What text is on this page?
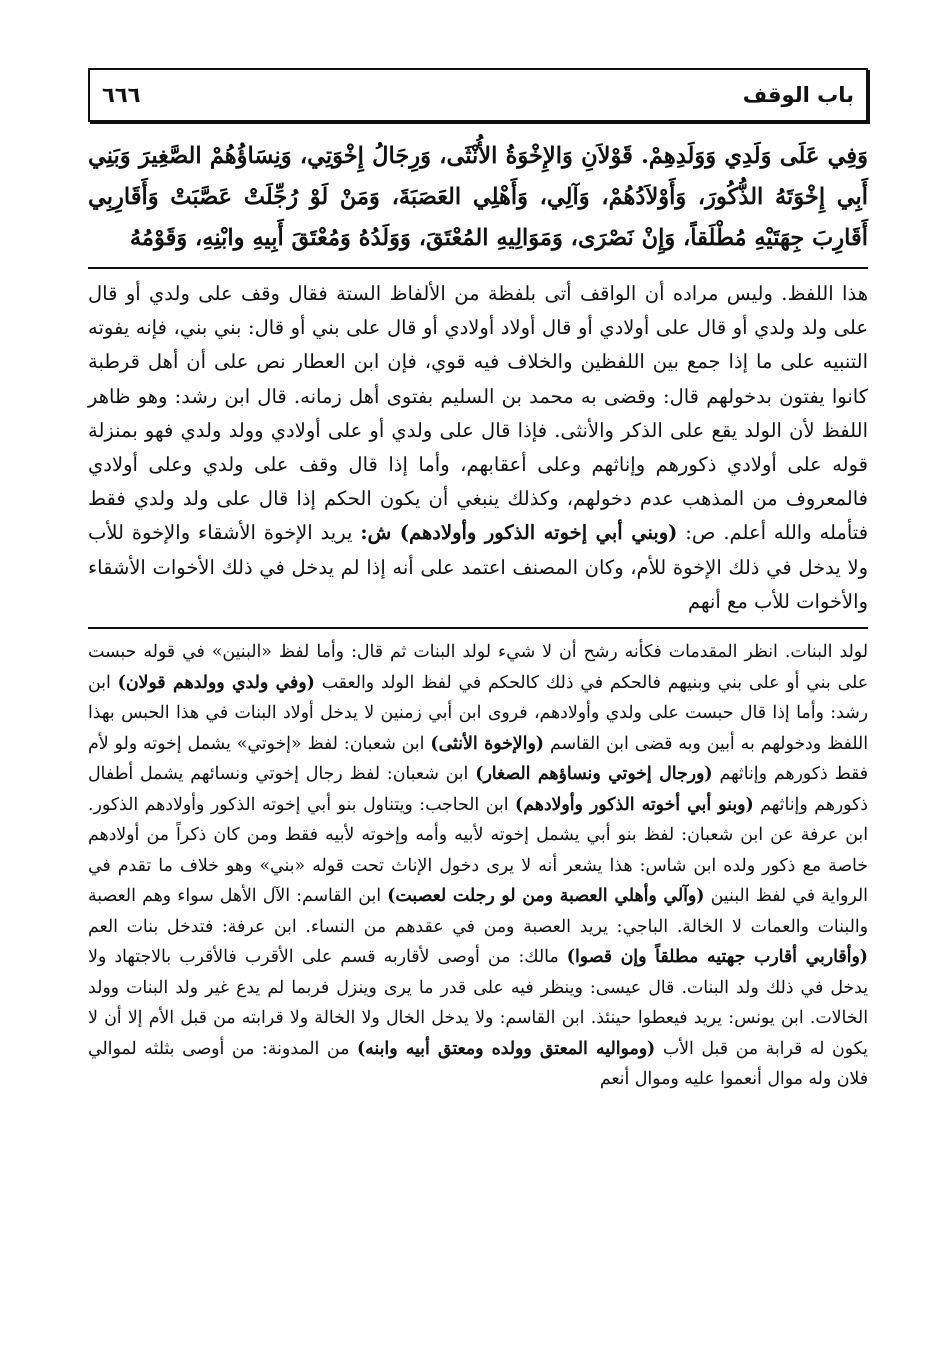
باب الوقف
٦٦٦
وَفِي عَلَى وَلَدِي وَوَلَدِهِمْ. قَوْلاَنِ وَالإِخْوَةُ الأُنْثَى، وَرِجَالُ إِخْوَتِي، وَنِسَاؤُهُمْ الصَّغِيرَ وَبَنِي أَبِي إِخْوَتَهُ الذُّكُورَ، وَأَوْلاَدُهُمْ، وَآلِي، وَأَهْلِي العَصَبَةَ، وَمَنْ لَوْ رُجِّلَتْ عَصَّبَتْ وَأَقَارِبِي أَقَارِبَ جِهَتَيْهِ مُطْلَقاً، وَإِنْ نَصْرَى، وَمَوَالِيهِ المُعْتَقَ، وَوَلَدُهُ وَمُعْتَقَ أَبِيهِ وابْنِهِ، وَقَوْمُهُ

هذا اللفظ. وليس مراده أن الواقف أتى بلفظة من الألفاظ الستة فقال وقف على ولدي أو قال على ولد ولدي أو قال على أولادي أو قال أولاد أولادي أو قال على بني أو قال: بني بني، فإنه يفوته التنبيه على ما إذا جمع بين اللفظين والخلاف فيه قوي، فإن ابن العطار نص على أن أهل قرطبة كانوا يفتون بدخولهم قال: وقضى به محمد بن السليم بفتوى أهل زمانه. قال ابن رشد: وهو ظاهر اللفظ لأن الولد يقع على الذكر والأنثى. فإذا قال على ولدي أو على أولادي وولد ولدي فهو بمنزلة قوله على أولادي ذكورهم وإناثهم وعلى أعقابهم، وأما إذا قال وقف على ولدي وعلى أولادي فالمعروف من المذهب عدم دخولهم، وكذلك ينبغي أن يكون الحكم إذا قال على ولد ولدي فقط فتأمله والله أعلم. ص: (وبني أبي إخوته الذكور وأولادهم) ش: يريد الإخوة الأشقاء والإخوة للأب ولا يدخل في ذلك الإخوة للأم، وكان المصنف اعتمد على أنه إذا لم يدخل في ذلك الأخوات الأشقاء والأخوات للأب مع أنهم

لولد البنات. انظر المقدمات فكأنه رشح أن لا شيء لولد البنات ثم قال: وأما لفظ «البنين» في قوله حبست على بني أو على بني وبنيهم فالحكم في ذلك كالحكم في لفظ الولد والعقب (وفي ولدي وولدهم قولان) ابن رشد: وأما إذا قال حبست على ولدي وأولادهم، فروى ابن أبي زمنين لا يدخل أولاد البنات في هذا الحبس بهذا اللفظ ودخولهم به أبين وبه قضى ابن القاسم (والإخوة الأنثى) ابن شعبان: لفظ «إخوتي» يشمل إخوته ولو لأم فقط ذكورهم وإناثهم (ورجال إخوتي ونساؤهم الصغار) ابن شعبان: لفظ رجال إخوتي ونسائهم يشمل أطفال ذكورهم وإناثهم (وبنو أبي أخوته الذكور وأولادهم) ابن الحاجب: ويتناول بنو أبي إخوته الذكور وأولادهم الذكور. ابن عرفة عن ابن شعبان: لفظ بنو أبي يشمل إخوته لأبيه وأمه وإخوته لأبيه فقط ومن كان ذكراً من أولادهم خاصة مع ذكور ولده ابن شاس: هذا يشعر أنه لا يرى دخول الإناث تحت قوله «بني» وهو خلاف ما تقدم في الرواية في لفظ البنين (وآلي وأهلي العصبة ومن لو رجلت لعصبت) ابن القاسم: الآل الأهل سواء وهم العصبة والبنات والعمات لا الخالة. الباجي: يريد العصبة ومن في عقدهم من النساء. ابن عرفة: فتدخل بنات العم (وأقاربي أقارب جهتيه مطلقاً وإن قصوا) مالك: من أوصى لأقاربه قسم على الأقرب فالأقرب بالاجتهاد ولا يدخل في ذلك ولد البنات. قال عيسى: وينظر فيه على قدر ما يرى وينزل فربما لم يدع غير ولد البنات وولد الخالات. ابن يونس: يريد فيعطوا حينئذ. ابن القاسم: ولا يدخل الخال ولا الخالة ولا قرابته من قبل الأم إلا أن لا يكون له قرابة من قبل الأب (ومواليه المعتق وولده ومعتق أبيه وابنه) من المدونة: من أوصى بثلثه لموالي فلان وله موال أنعموا عليه وموال أنعم
